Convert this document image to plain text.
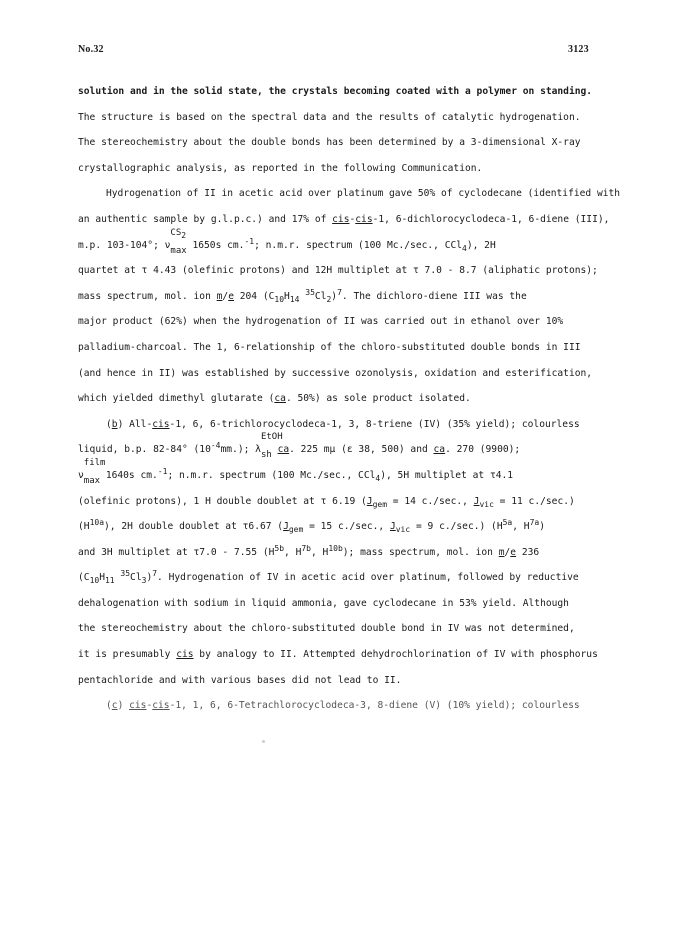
No.32	3123
solution and in the solid state, the crystals becoming coated with a polymer on standing.
The structure is based on the spectral data and the results of catalytic hydrogenation.
The stereochemistry about the double bonds has been determined by a 3-dimensional X-ray
crystallographic analysis, as reported in the following Communication.
Hydrogenation of II in acetic acid over platinum gave 50% of cyclodecane (identified with
an authentic sample by g.l.p.c.) and 17% of cis-cis-1, 6-dichlorocyclodeca-1, 6-diene (III),
m.p. 103-104°; ν
$CS_2$
max 1650s cm.$^{-1}$; n.m.r. spectrum (100 Mc./sec., CCl$_4$), 2H
quartet at τ 4.43 (olefinic protons) and 12H multiplet at τ 7.0 - 8.7 (aliphatic protons);
mass spectrum, mol. ion m/e 204 ($C_{10}H_{14}$ $^{35}Cl_2)^7$. The dichloro-diene III was the
major product (62%) when the hydrogenation of II was carried out in ethanol over 10%
palladium-charcoal. The 1, 6-relationship of the chloro-substituted double bonds in III
(and hence in II) was established by successive ozonolysis, oxidation and esterification,
which yielded dimethyl glutarate (ca. 50%) as sole product isolated.
(b) All-cis-1, 6, 6-trichlorocyclodeca-1, 3, 8-triene (IV) (35% yield); colourless
liquid, b.p. 82-84° $(10^{-4}mm.)$; λ
EtOH
sh ca. 225 mμ (ε 38, 500) and ca. 270 (9900);
ν
film
max 1640s cm.$^{-1}$; n.m.r. spectrum (100 Mc./sec., CCl$_4$), 5H multiplet at τ4.1
(olefinic protons), 1 H double doublet at τ 6.19 ($J_{gem} = 14$ c./sec., $J_{vic} = 11$ c./sec.)
$(H^{10a})$, 2H double doublet at τ6.67 ($J_{gem} = 15$ c./sec., $J_{vic} = 9$ c./sec.) ($H^{5a}$, $H^{7a}$)
and 3H multiplet at τ7.0 - 7.55 ($H^{5b}$, $H^{7b}$, $H^{10b}$); mass spectrum, mol. ion m/e 236
($C_{10}H_{11}$ $^{35}Cl_3)^7$. Hydrogenation of IV in acetic acid over platinum, followed by reductive
dehalogenation with sodium in liquid ammonia, gave cyclodecane in 53% yield. Although
the stereochemistry about the chloro-substituted double bond in IV was not determined,
it is presumably cis by analogy to II. Attempted dehydrochlorination of IV with phosphorus
pentachloride and with various bases did not lead to II.
(c) cis-cis-1, 1, 6, 6-Tetrachlorocyclodeca-3, 8-diene (V) (10% yield); colourless
